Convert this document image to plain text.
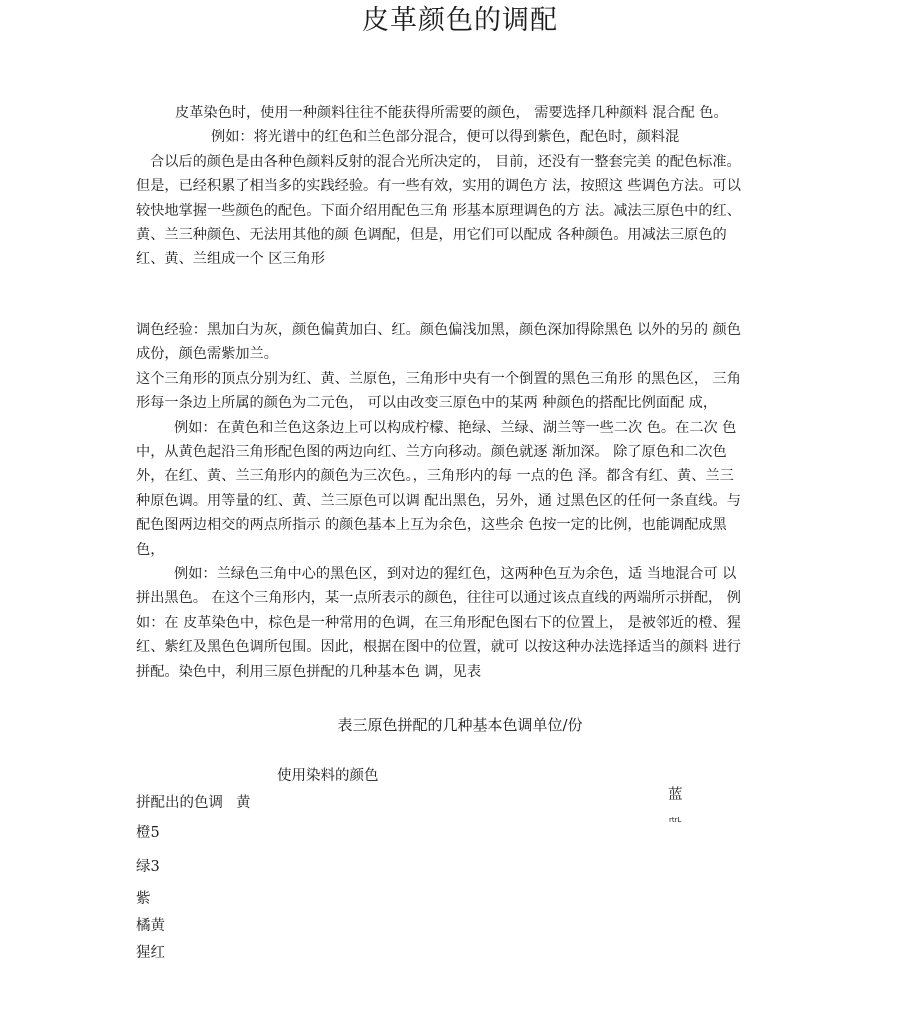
皮革颜色的调配
皮革染色时，使用一种颜料往往不能获得所需要的颜色， 需要选择几种颜料 混合配 色。
例如：将光谱中的红色和兰色部分混合，便可以得到紫色，配色时，颜料混
合以后的颜色是由各种色颜料反射的混合光所决定的， 目前，还没有一整套完美 的配色标准。
但是，已经积累了相当多的实践经验。有一些有效，实用的调色方 法，按照这 些调色方法。可以
较快地掌握一些颜色的配色。下面介绍用配色三角 形基本原理调色的方 法。减法三原色中的红、
黄、兰三种颜色、无法用其他的颜 色调配，但是，用它们可以配成 各种颜色。用减法三原色的
红、黄、兰组成一个 区三角形
调色经验：黑加白为灰，颜色偏黄加白、红。颜色偏浅加黑，颜色深加得除黑色 以外的另的 颜色
成份，颜色需紫加兰。
这个三角形的顶点分别为红、黄、兰原色，三角形中央有一个倒置的黑色三角形 的黑色区， 三角
形每一条边上所属的颜色为二元色， 可以由改变三原色中的某两 种颜色的搭配比例面配 成，
例如：在黄色和兰色这条边上可以构成柠檬、艳绿、兰绿、湖兰等一些二次 色。在二次 色
中，从黄色起沿三角形配色图的两边向红、兰方向移动。颜色就逐 渐加深。 除了原色和二次色
外，在红、黄、兰三角形内的颜色为三次色。，三角形内的每 一点的色 泽。都含有红、黄、兰三
种原色调。用等量的红、黄、兰三原色可以调 配出黑色，另外，通 过黑色区的任何一条直线。与
配色图两边相交的两点所指示 的颜色基本上互为余色，这些余 色按一定的比例，也能调配成黑
色，
例如：兰绿色三角中心的黑色区，到对边的猩红色，这两种色互为余色，适 当地混合可 以
拼出黑色。 在这个三角形内，某一点所表示的颜色，往往可以通过该点直线的两端所示拼配， 例
如：在 皮革染色中，棕色是一种常用的色调，在三角形配色图右下的位置上， 是被邻近的橙、猩
红、紫红及黑色色调所包围。因此，根据在图中的位置，就可 以按这种办法选择适当的颜料 进行
拼配。染色中，利用三原色拼配的几种基本色 调，见表
表三原色拼配的几种基本色调单位/份
使用染料的颜色
拼配出的色调 黄	蓝
rtrL
橙5
绿3
紫
橘黄
猩红
